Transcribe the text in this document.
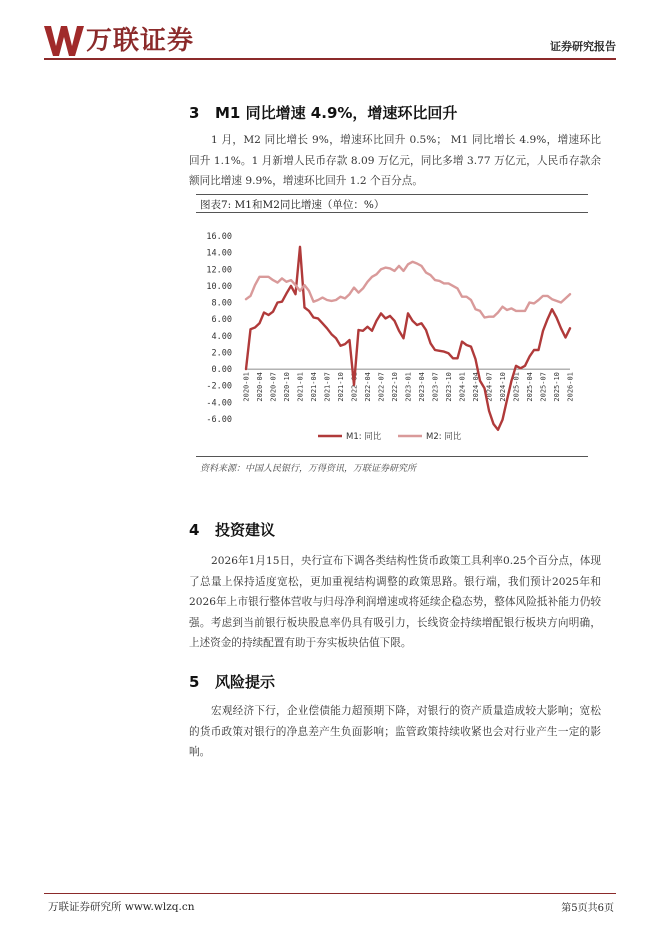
万联证券	证券研究报告
3 M1 同比增速 4.9%，增速环比回升

1 月，M2 同比增长 9%，增速环比回升 0.5%； M1 同比增长 4.9%，增速环比回升 1.1%。1 月新增人民币存款 8.09 万亿元，同比多增 3.77 万亿元，人民币存款余额同比增速 9.9%，增速环比回升 1.2 个百分点。

图表7: M1和M2同比增速（单位：%）
16.00
14.00
12.00
10.00
8.00
6.00
4.00
2.00
0.00
-2.00
-4.00
-6.00
2020-01 2020-04 2020-07 2020-10 2021-01 2021-04 2021-07 2021-10 2022-01 2022-04 2022-07 2022-10 2023-01 2023-04 2023-07 2023-10 2024-01 2024-04 2024-07 2024-10 2025-01 2025-04 2025-07 2025-10 2026-01
M1: 同比	M2: 同比
资料来源：中国人民银行，万得资讯，万联证券研究所
4 投资建议

2026年1月15日，央行宣布下调各类结构性货币政策工具利率0.25个百分点，体现了总量上保持适度宽松，更加重视结构调整的政策思路。银行端，我们预计2025年和2026年上市银行整体营收与归母净利润增速或将延续企稳态势，整体风险抵补能力仍较强。考虑到当前银行板块股息率仍具有吸引力，长线资金持续增配银行板块方向明确，上述资金的持续配置有助于夯实板块估值下限。

5 风险提示

宏观经济下行，企业偿债能力超预期下降，对银行的资产质量造成较大影响；宽松的货币政策对银行的净息差产生负面影响；监管政策持续收紧也会对行业产生一定的影响。

万联证券研究所 www.wlzq.cn	第5页共6页
